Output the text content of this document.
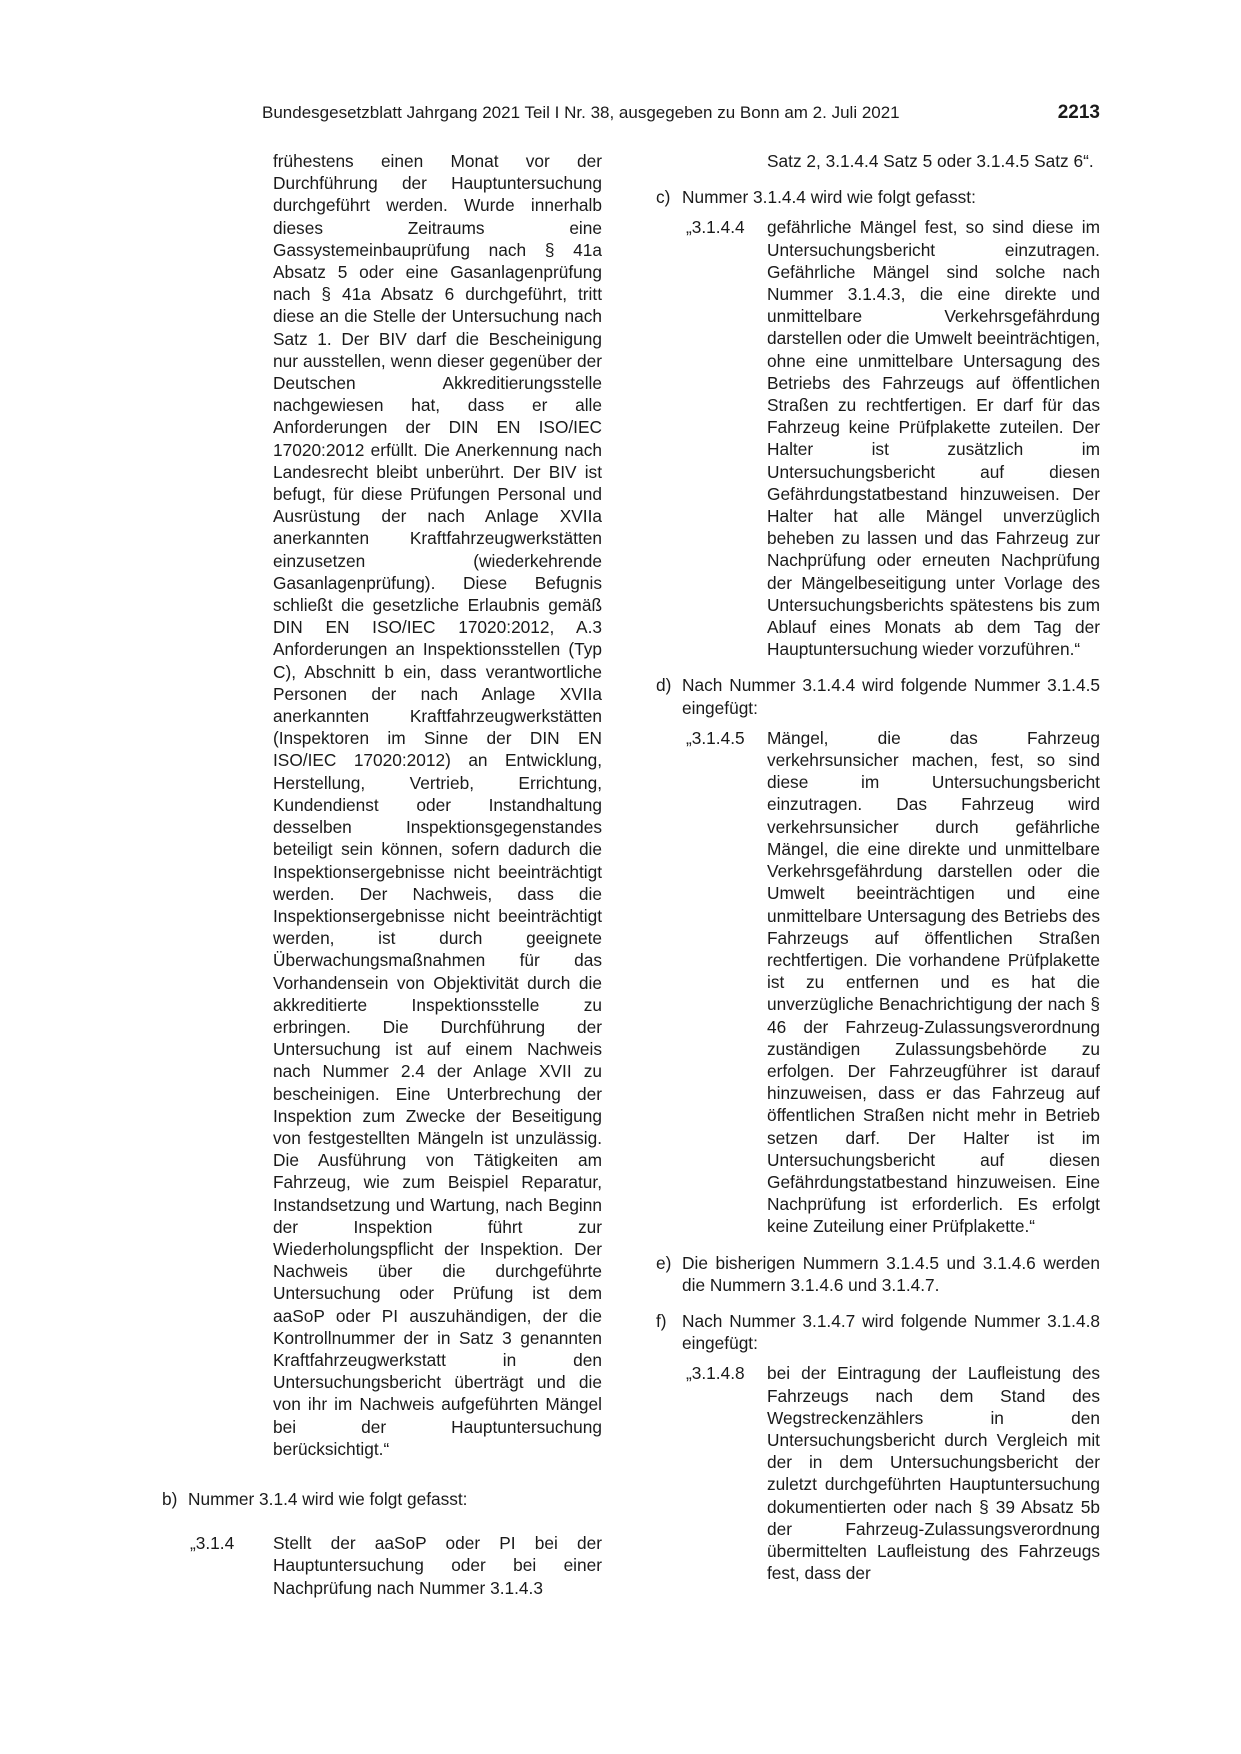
Bundesgesetzblatt Jahrgang 2021 Teil I Nr. 38, ausgegeben zu Bonn am 2. Juli 2021	2213
frühestens einen Monat vor der Durchführung der Hauptuntersuchung durchgeführt werden. Wurde innerhalb dieses Zeitraums eine Gassystemeinbauprüfung nach § 41a Absatz 5 oder eine Gasanlagenprüfung nach § 41a Absatz 6 durchgeführt, tritt diese an die Stelle der Untersuchung nach Satz 1. Der BIV darf die Bescheinigung nur ausstellen, wenn dieser gegenüber der Deutschen Akkreditierungsstelle nachgewiesen hat, dass er alle Anforderungen der DIN EN ISO/IEC 17020:2012 erfüllt. Die Anerkennung nach Landesrecht bleibt unberührt. Der BIV ist befugt, für diese Prüfungen Personal und Ausrüstung der nach Anlage XVIIa anerkannten Kraftfahrzeugwerkstätten einzusetzen (wiederkehrende Gasanlagenprüfung). Diese Befugnis schließt die gesetzliche Erlaubnis gemäß DIN EN ISO/IEC 17020:2012, A.3 Anforderungen an Inspektionsstellen (Typ C), Abschnitt b ein, dass verantwortliche Personen der nach Anlage XVIIa anerkannten Kraftfahrzeugwerkstätten (Inspektoren im Sinne der DIN EN ISO/IEC 17020:2012) an Entwicklung, Herstellung, Vertrieb, Errichtung, Kundendienst oder Instandhaltung desselben Inspektionsgegenstandes beteiligt sein können, sofern dadurch die Inspektionsergebnisse nicht beeinträchtigt werden. Der Nachweis, dass die Inspektionsergebnisse nicht beeinträchtigt werden, ist durch geeignete Überwachungsmaßnahmen für das Vorhandensein von Objektivität durch die akkreditierte Inspektionsstelle zu erbringen. Die Durchführung der Untersuchung ist auf einem Nachweis nach Nummer 2.4 der Anlage XVII zu bescheinigen. Eine Unterbrechung der Inspektion zum Zwecke der Beseitigung von festgestellten Mängeln ist unzulässig. Die Ausführung von Tätigkeiten am Fahrzeug, wie zum Beispiel Reparatur, Instandsetzung und Wartung, nach Beginn der Inspektion führt zur Wiederholungspflicht der Inspektion. Der Nachweis über die durchgeführte Untersuchung oder Prüfung ist dem aaSoP oder PI auszuhändigen, der die Kontrollnummer der in Satz 3 genannten Kraftfahrzeugwerkstatt in den Untersuchungsbericht überträgt und die von ihr im Nachweis aufgeführten Mängel bei der Hauptuntersuchung berücksichtigt.“
b) Nummer 3.1.4 wird wie folgt gefasst:
„3.1.4	Stellt der aaSoP oder PI bei der Hauptuntersuchung oder bei einer Nachprüfung nach Nummer 3.1.4.3
Satz 2, 3.1.4.4 Satz 5 oder 3.1.4.5 Satz 6“.
c) Nummer 3.1.4.4 wird wie folgt gefasst:
„3.1.4.4	gefährliche Mängel fest, so sind diese im Untersuchungsbericht einzutragen. Gefährliche Mängel sind solche nach Nummer 3.1.4.3, die eine direkte und unmittelbare Verkehrsgefährdung darstellen oder die Umwelt beeinträchtigen, ohne eine unmittelbare Untersagung des Betriebs des Fahrzeugs auf öffentlichen Straßen zu rechtfertigen. Er darf für das Fahrzeug keine Prüfplakette zuteilen. Der Halter ist zusätzlich im Untersuchungsbericht auf diesen Gefährdungstatbestand hinzuweisen. Der Halter hat alle Mängel unverzüglich beheben zu lassen und das Fahrzeug zur Nachprüfung oder erneuten Nachprüfung der Mängelbeseitigung unter Vorlage des Untersuchungsberichts spätestens bis zum Ablauf eines Monats ab dem Tag der Hauptuntersuchung wieder vorzuführen.“
d) Nach Nummer 3.1.4.4 wird folgende Nummer 3.1.4.5 eingefügt:
„3.1.4.5	Mängel, die das Fahrzeug verkehrsunsicher machen, fest, so sind diese im Untersuchungsbericht einzutragen. Das Fahrzeug wird verkehrsunsicher durch gefährliche Mängel, die eine direkte und unmittelbare Verkehrsgefährdung darstellen oder die Umwelt beeinträchtigen und eine unmittelbare Untersagung des Betriebs des Fahrzeugs auf öffentlichen Straßen rechtfertigen. Die vorhandene Prüfplakette ist zu entfernen und es hat die unverzügliche Benachrichtigung der nach § 46 der Fahrzeug-Zulassungsverordnung zuständigen Zulassungsbehörde zu erfolgen. Der Fahrzeugführer ist darauf hinzuweisen, dass er das Fahrzeug auf öffentlichen Straßen nicht mehr in Betrieb setzen darf. Der Halter ist im Untersuchungsbericht auf diesen Gefährdungstatbestand hinzuweisen. Eine Nachprüfung ist erforderlich. Es erfolgt keine Zuteilung einer Prüfplakette.“
e) Die bisherigen Nummern 3.1.4.5 und 3.1.4.6 werden die Nummern 3.1.4.6 und 3.1.4.7.
f) Nach Nummer 3.1.4.7 wird folgende Nummer 3.1.4.8 eingefügt:
„3.1.4.8	bei der Eintragung der Laufleistung des Fahrzeugs nach dem Stand des Wegstreckenzählers in den Untersuchungsbericht durch Vergleich mit der in dem Untersuchungsbericht der zuletzt durchgeführten Hauptuntersuchung dokumentierten oder nach § 39 Absatz 5b der Fahrzeug-Zulassungsverordnung übermittelten Laufleistung des Fahrzeugs fest, dass der
